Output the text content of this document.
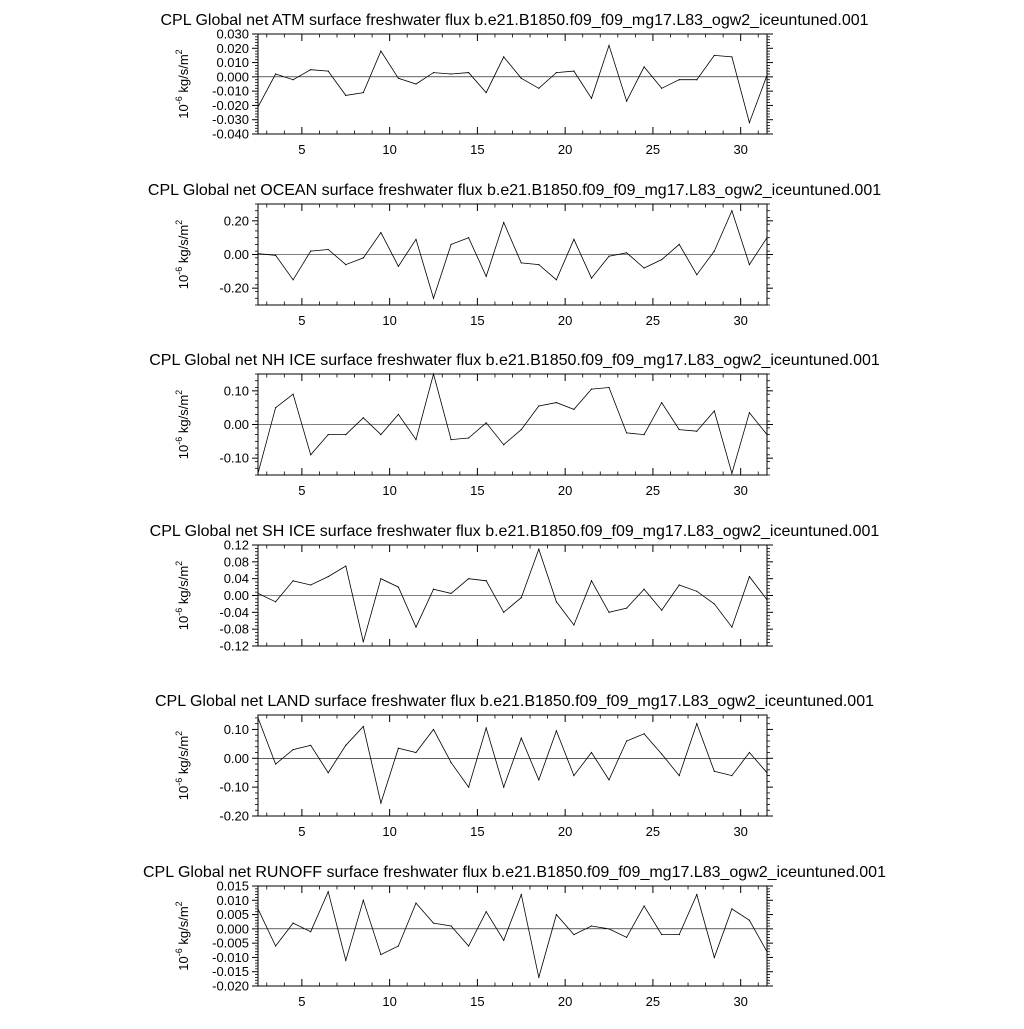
CPL Global net ATM surface freshwater flux b.e21.B1850.f09_f09_mg17.L83_ogw2_iceuntuned.001
5	10	15	20	25	30
-0.040
-0.030
-0.020
-0.010
0.000
0.010
0.020
0.030
$10^{-6}$ $kg/s/m^2$
CPL Global net OCEAN surface freshwater flux b.e21.B1850.f09_f09_mg17.L83_ogw2_iceuntuned.001
5	10	15	20	25	30
-0.20
0.00
0.20
$10^{-6}$ $kg/s/m^2$
CPL Global net NH ICE surface freshwater flux b.e21.B1850.f09_f09_mg17.L83_ogw2_iceuntuned.001
5	10	15	20	25	30
-0.10
0.00
0.10
$10^{-6}$ $kg/s/m^2$
CPL Global net SH ICE surface freshwater flux b.e21.B1850.f09_f09_mg17.L83_ogw2_iceuntuned.001
-0.12
-0.08
-0.04
0.00
0.04
0.08
0.12
$10^{-6}$ $kg/s/m^2$
CPL Global net LAND surface freshwater flux b.e21.B1850.f09_f09_mg17.L83_ogw2_iceuntuned.001
5	10	15	20	25	30
-0.20
-0.10
0.00
0.10
$10^{-6}$ $kg/s/m^2$
CPL Global net RUNOFF surface freshwater flux b.e21.B1850.f09_f09_mg17.L83_ogw2_iceuntuned.001
5	10	15	20	25	30
-0.020
-0.015
-0.010
-0.005
0.000
0.005
0.010
0.015
$10^{-6}$ $kg/s/m^2$
